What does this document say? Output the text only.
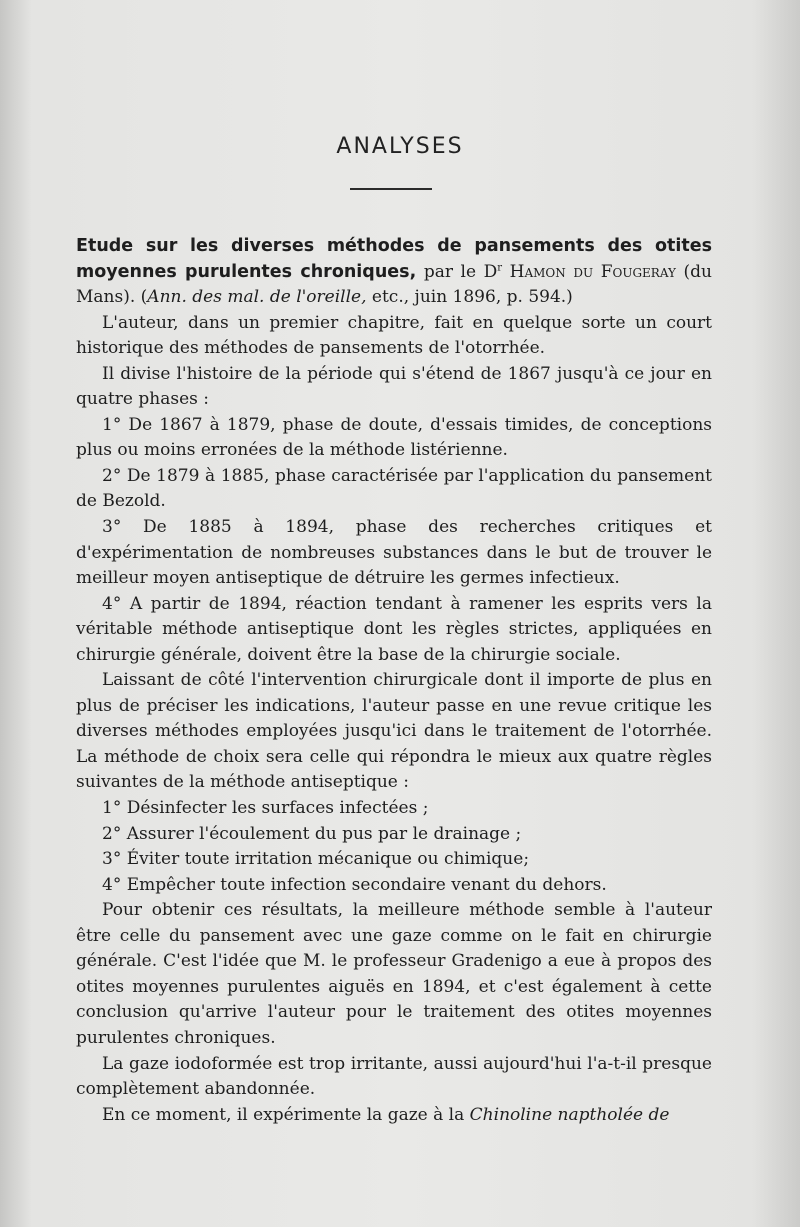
ANALYSES

Etude sur les diverses méthodes de pansements des otites moyennes purulentes chroniques, par le $D^r$ Hamon du Fougeray (du Mans). (Ann. des mal. de l'oreille, etc., juin 1896, p. 594.)

L'auteur, dans un premier chapitre, fait en quelque sorte un court historique des méthodes de pansements de l'otorrhée.

Il divise l'histoire de la période qui s'étend de 1867 jusqu'à ce jour en quatre phases :

1° De 1867 à 1879, phase de doute, d'essais timides, de conceptions plus ou moins erronées de la méthode listérienne.

2° De 1879 à 1885, phase caractérisée par l'application du pansement de Bezold.

3° De 1885 à 1894, phase des recherches critiques et d'expérimentation de nombreuses substances dans le but de trouver le meilleur moyen antiseptique de détruire les germes infectieux.

4° A partir de 1894, réaction tendant à ramener les esprits vers la véritable méthode antiseptique dont les règles strictes, appliquées en chirurgie générale, doivent être la base de la chirurgie sociale.

Laissant de côté l'intervention chirurgicale dont il importe de plus en plus de préciser les indications, l'auteur passe en une revue critique les diverses méthodes employées jusqu'ici dans le traitement de l'otorrhée. La méthode de choix sera celle qui répondra le mieux aux quatre règles suivantes de la méthode antiseptique :

1° Désinfecter les surfaces infectées ;

2° Assurer l'écoulement du pus par le drainage ;

3° Éviter toute irritation mécanique ou chimique;

4° Empêcher toute infection secondaire venant du dehors.

Pour obtenir ces résultats, la meilleure méthode semble à l'auteur être celle du pansement avec une gaze comme on le fait en chirurgie générale. C'est l'idée que M. le professeur Gradenigo a eue à propos des otites moyennes purulentes aiguës en 1894, et c'est également à cette conclusion qu'arrive l'auteur pour le traitement des otites moyennes purulentes chroniques.

La gaze iodoformée est trop irritante, aussi aujourd'hui l'a-t-il presque complètement abandonnée.

En ce moment, il expérimente la gaze à la Chinoline naptholée de
